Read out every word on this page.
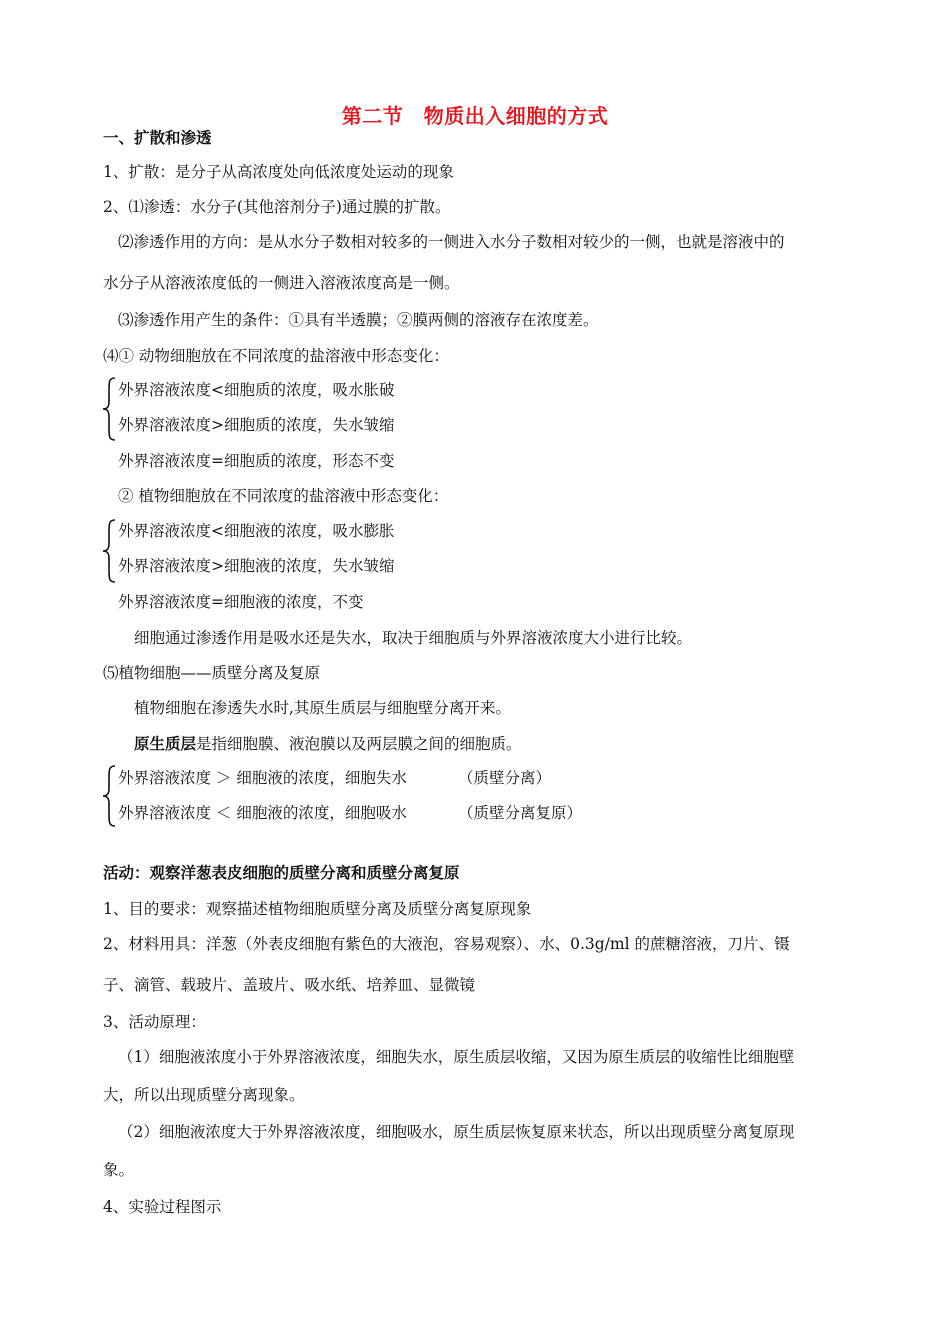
第二节　物质出入细胞的方式
一、扩散和渗透
1、扩散：是分子从高浓度处向低浓度处运动的现象
2、⑴渗透：水分子(其他溶剂分子)通过膜的扩散。
⑵渗透作用的方向：是从水分子数相对较多的一侧进入水分子数相对较少的一侧，也就是溶液中的
水分子从溶液浓度低的一侧进入溶液浓度高是一侧。
⑶渗透作用产生的条件：①具有半透膜；②膜两侧的溶液存在浓度差。
⑷① 动物细胞放在不同浓度的盐溶液中形态变化：
外界溶液浓度<细胞质的浓度，吸水胀破
外界溶液浓度>细胞质的浓度，失水皱缩
外界溶液浓度=细胞质的浓度，形态不变
② 植物细胞放在不同浓度的盐溶液中形态变化：
外界溶液浓度<细胞液的浓度，吸水膨胀
外界溶液浓度>细胞液的浓度，失水皱缩
外界溶液浓度=细胞液的浓度，不变
细胞通过渗透作用是吸水还是失水，取决于细胞质与外界溶液浓度大小进行比较。
⑸植物细胞——质壁分离及复原
植物细胞在渗透失水时,其原生质层与细胞壁分离开来。
原生质层是指细胞膜、液泡膜以及两层膜之间的细胞质。
外界溶液浓度 ＞ 细胞液的浓度，细胞失水	（质壁分离）
外界溶液浓度 ＜ 细胞液的浓度，细胞吸水	（质壁分离复原）
活动：观察洋葱表皮细胞的质壁分离和质壁分离复原
1、目的要求：观察描述植物细胞质壁分离及质壁分离复原现象
2、材料用具：洋葱（外表皮细胞有紫色的大液泡，容易观察）、水、0.3g/ml 的蔗糖溶液，刀片、镊
子、滴管、载玻片、盖玻片、吸水纸、培养皿、显微镜
3、活动原理：
（1）细胞液浓度小于外界溶液浓度，细胞失水，原生质层收缩，又因为原生质层的收缩性比细胞壁
大，所以出现质壁分离现象。
（2）细胞液浓度大于外界溶液浓度，细胞吸水，原生质层恢复原来状态，所以出现质壁分离复原现
象。
4、实验过程图示
